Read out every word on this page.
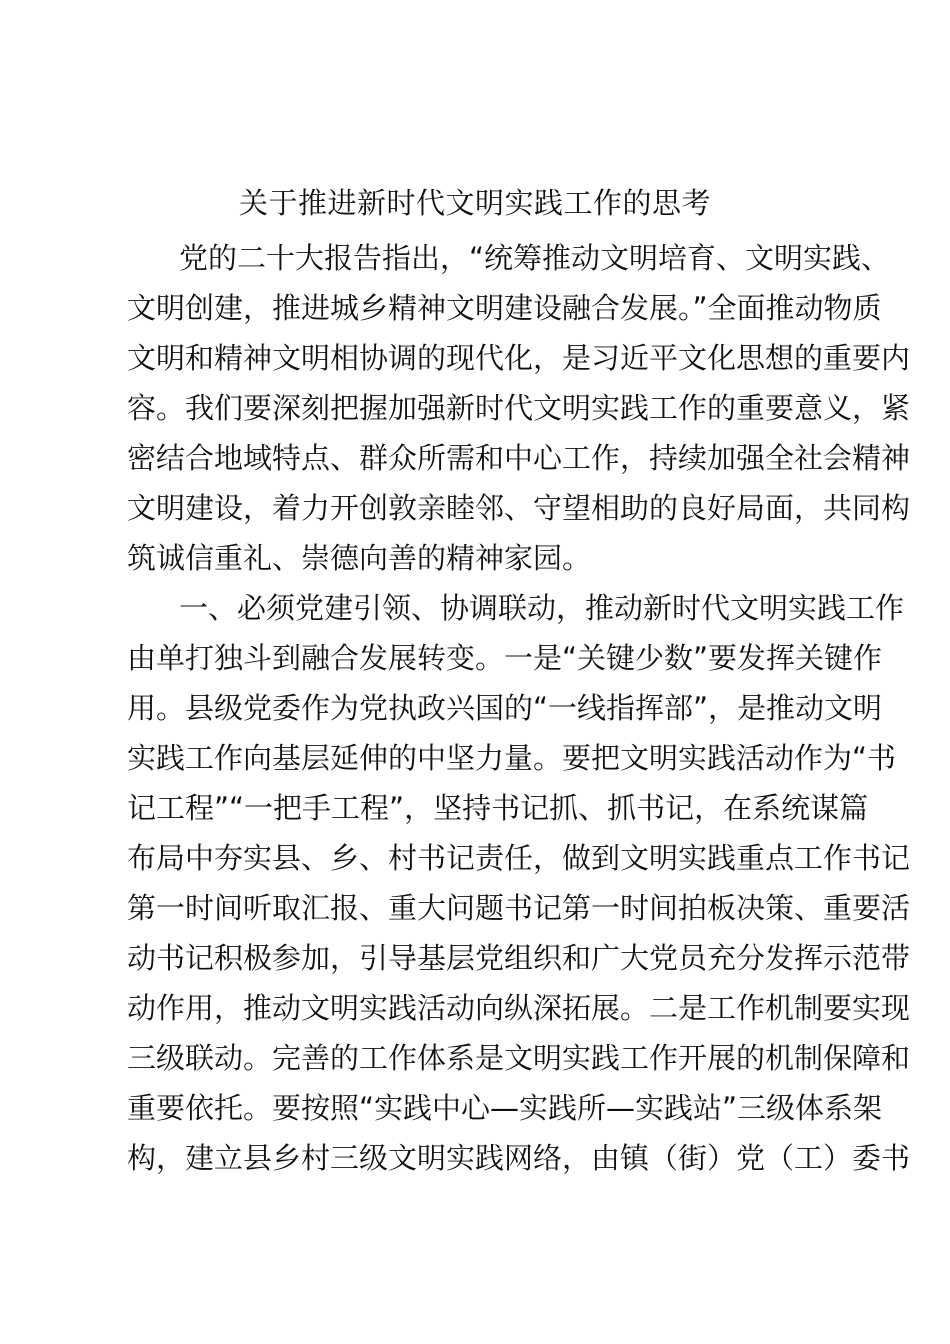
关于推进新时代文明实践工作的思考
党的二十大报告指出，“统筹推动文明培育、文明实践、
文明创建，推进城乡精神文明建设融合发展。”全面推动物质
文明和精神文明相协调的现代化，是习近平文化思想的重要内
容。我们要深刻把握加强新时代文明实践工作的重要意义，紧
密结合地域特点、群众所需和中心工作，持续加强全社会精神
文明建设，着力开创敦亲睦邻、守望相助的良好局面，共同构
筑诚信重礼、崇德向善的精神家园。
一、必须党建引领、协调联动，推动新时代文明实践工作
由单打独斗到融合发展转变。一是“关键少数”要发挥关键作
用。县级党委作为党执政兴国的“一线指挥部”，是推动文明
实践工作向基层延伸的中坚力量。要把文明实践活动作为“书
记工程”“一把手工程”，坚持书记抓、抓书记，在系统谋篇
布局中夯实县、乡、村书记责任，做到文明实践重点工作书记
第一时间听取汇报、重大问题书记第一时间拍板决策、重要活
动书记积极参加，引导基层党组织和广大党员充分发挥示范带
动作用，推动文明实践活动向纵深拓展。二是工作机制要实现
三级联动。完善的工作体系是文明实践工作开展的机制保障和
重要依托。要按照“实践中心—实践所—实践站”三级体系架
构，建立县乡村三级文明实践网络，由镇（街）党（工）委书
